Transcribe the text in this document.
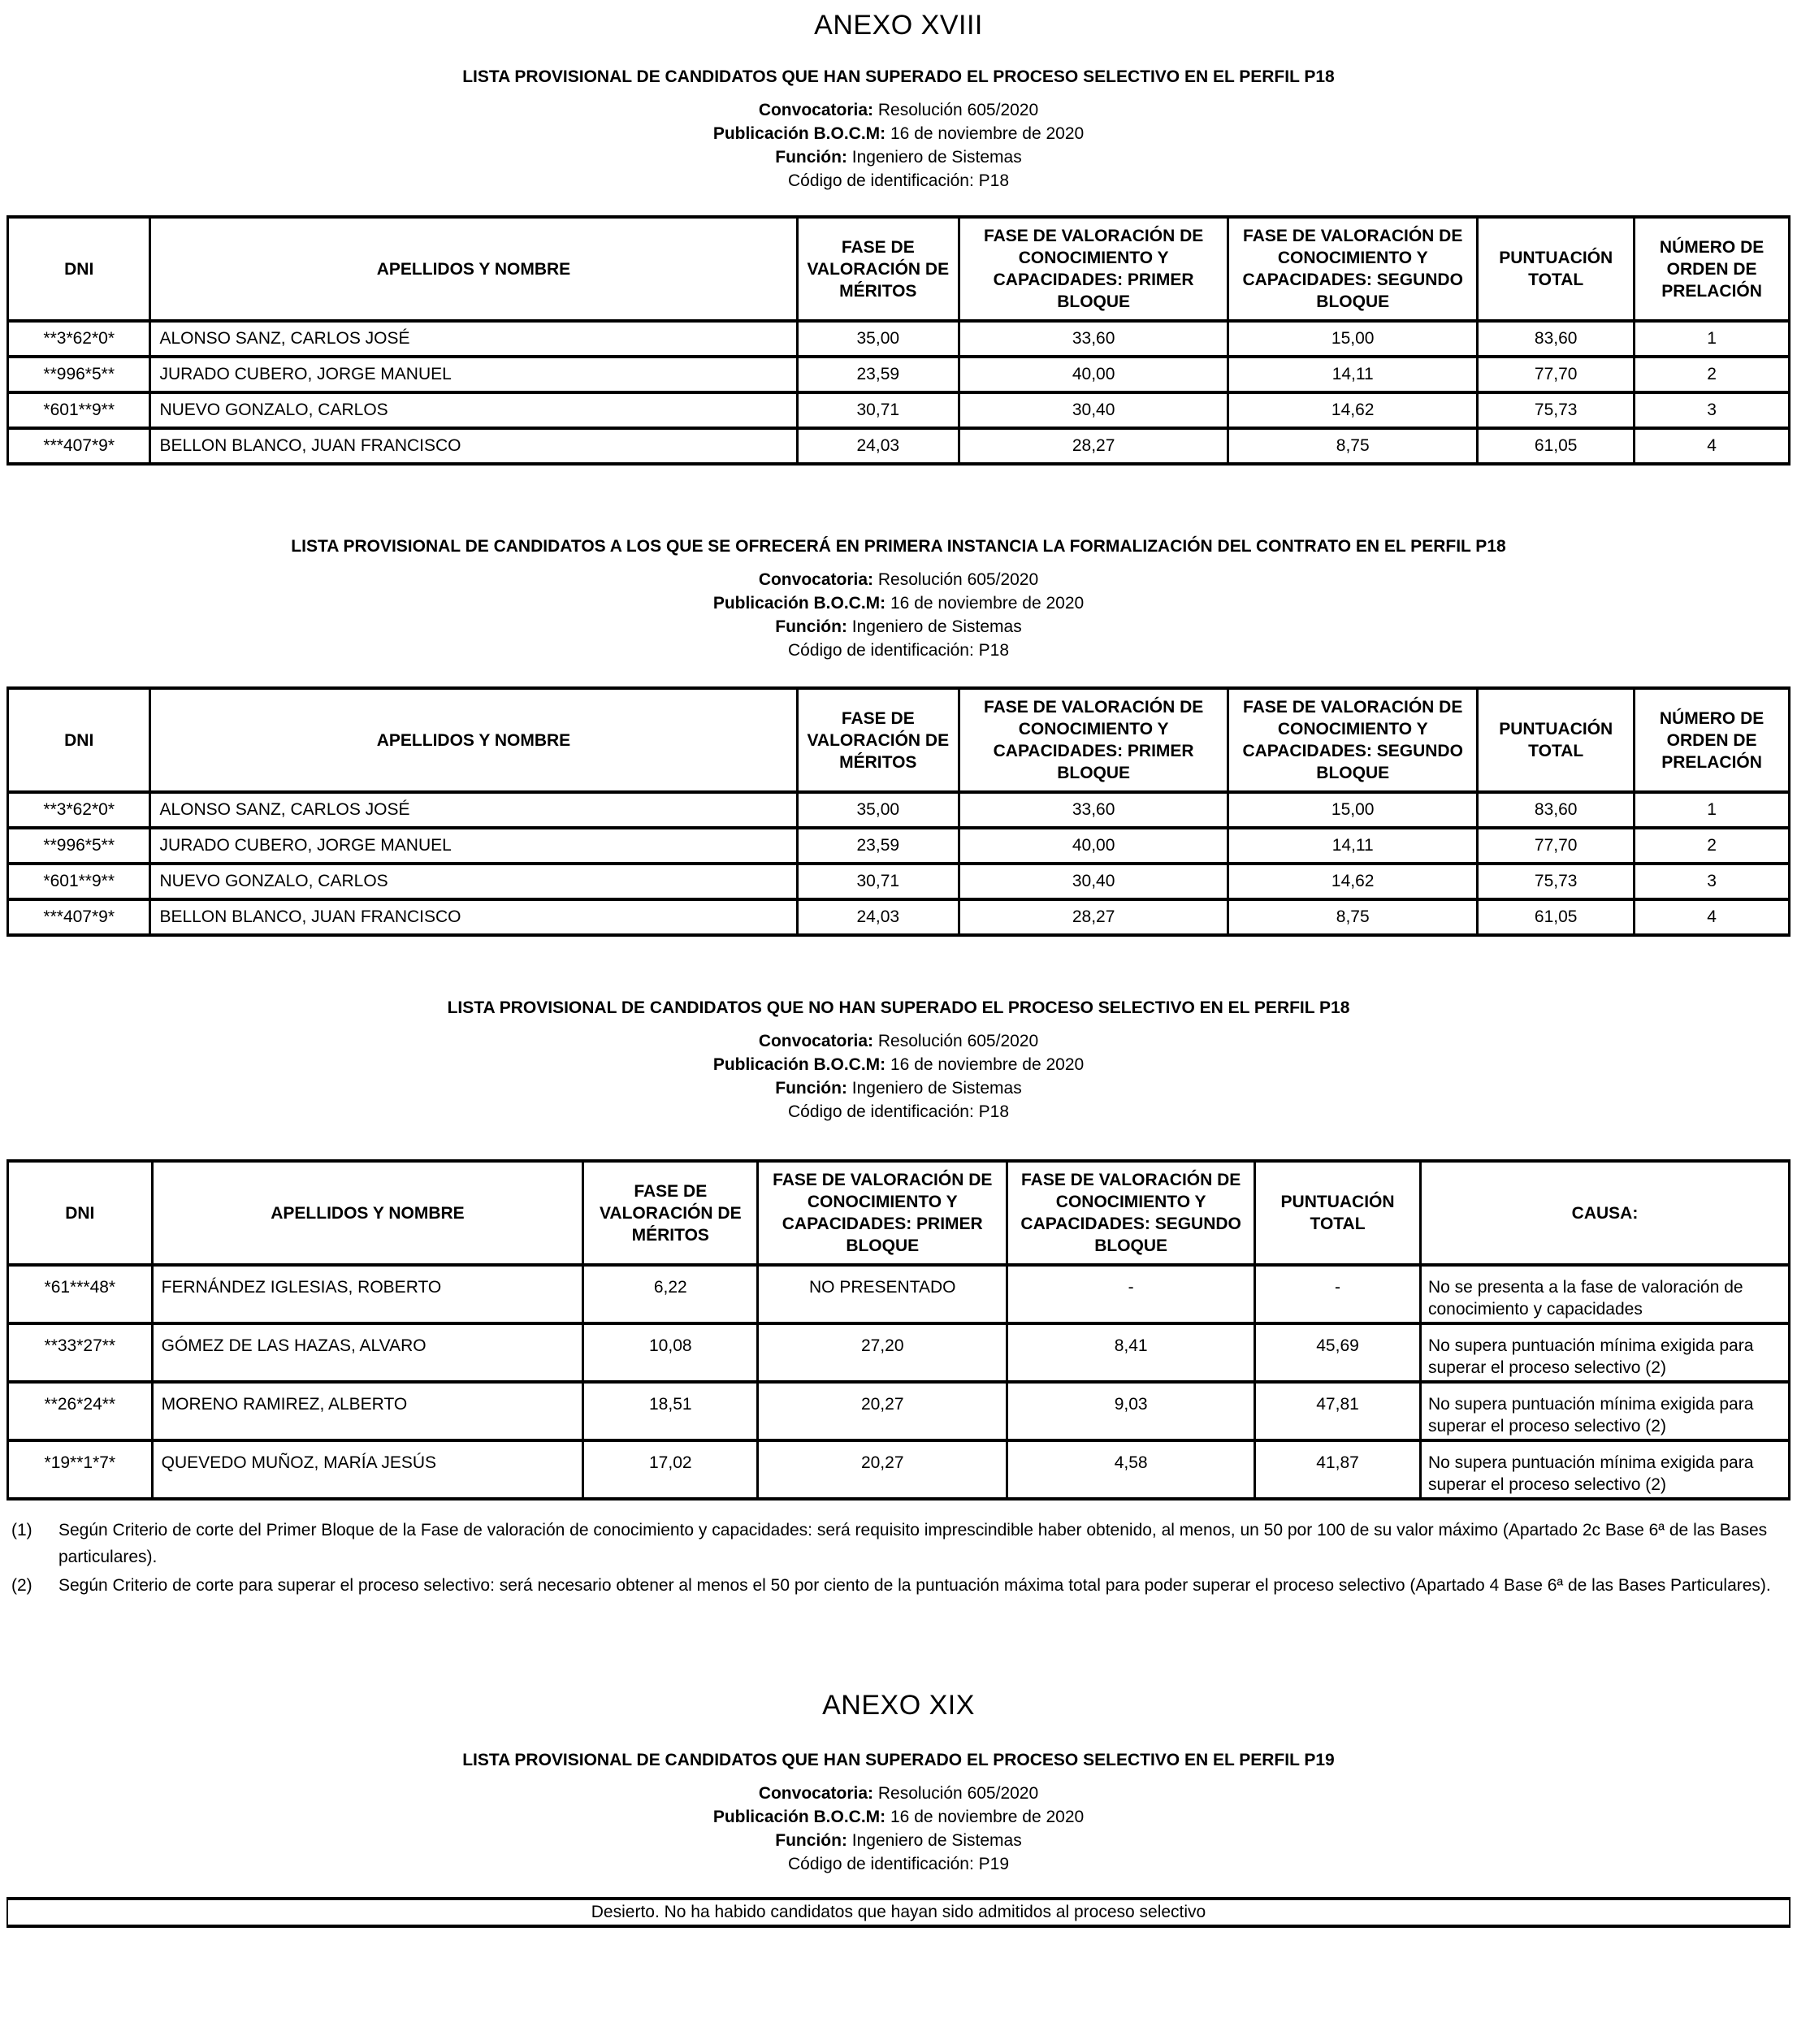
ANEXO XVIII
LISTA PROVISIONAL DE CANDIDATOS QUE HAN SUPERADO EL PROCESO SELECTIVO EN EL PERFIL P18

Convocatoria: Resolución 605/2020

Publicación B.O.C.M: 16 de noviembre de 2020

Función: Ingeniero de Sistemas

Código de identificación: P18

DNI	APELLIDOS Y NOMBRE	FASE DE VALORACIÓN DE MÉRITOS	FASE DE VALORACIÓN DE CONOCIMIENTO Y CAPACIDADES: PRIMER BLOQUE	FASE DE VALORACIÓN DE CONOCIMIENTO Y CAPACIDADES: SEGUNDO BLOQUE	PUNTUACIÓN TOTAL	NÚMERO DE ORDEN DE PRELACIÓN
**3*62*0*	ALONSO SANZ, CARLOS JOSÉ	35,00	33,60	15,00	83,60	1
**996*5**	JURADO CUBERO, JORGE MANUEL	23,59	40,00	14,11	77,70	2
*601**9**	NUEVO GONZALO, CARLOS	30,71	30,40	14,62	75,73	3
***407*9*	BELLON BLANCO, JUAN FRANCISCO	24,03	28,27	8,75	61,05	4
LISTA PROVISIONAL DE CANDIDATOS A LOS QUE SE OFRECERÁ EN PRIMERA INSTANCIA LA FORMALIZACIÓN DEL CONTRATO EN EL PERFIL P18

Convocatoria: Resolución 605/2020

Publicación B.O.C.M: 16 de noviembre de 2020

Función: Ingeniero de Sistemas

Código de identificación: P18

DNI	APELLIDOS Y NOMBRE	FASE DE VALORACIÓN DE MÉRITOS	FASE DE VALORACIÓN DE CONOCIMIENTO Y CAPACIDADES: PRIMER BLOQUE	FASE DE VALORACIÓN DE CONOCIMIENTO Y CAPACIDADES: SEGUNDO BLOQUE	PUNTUACIÓN TOTAL	NÚMERO DE ORDEN DE PRELACIÓN
**3*62*0*	ALONSO SANZ, CARLOS JOSÉ	35,00	33,60	15,00	83,60	1
**996*5**	JURADO CUBERO, JORGE MANUEL	23,59	40,00	14,11	77,70	2
*601**9**	NUEVO GONZALO, CARLOS	30,71	30,40	14,62	75,73	3
***407*9*	BELLON BLANCO, JUAN FRANCISCO	24,03	28,27	8,75	61,05	4
LISTA PROVISIONAL DE CANDIDATOS QUE NO HAN SUPERADO EL PROCESO SELECTIVO EN EL PERFIL P18

Convocatoria: Resolución 605/2020

Publicación B.O.C.M: 16 de noviembre de 2020

Función: Ingeniero de Sistemas

Código de identificación: P18

DNI	APELLIDOS Y NOMBRE	FASE DE VALORACIÓN DE MÉRITOS	FASE DE VALORACIÓN DE CONOCIMIENTO Y CAPACIDADES: PRIMER BLOQUE	FASE DE VALORACIÓN DE CONOCIMIENTO Y CAPACIDADES: SEGUNDO BLOQUE	PUNTUACIÓN TOTAL	CAUSA:
*61***48*	FERNÁNDEZ IGLESIAS, ROBERTO	6,22	NO PRESENTADO	-	-	No se presenta a la fase de valoración de conocimiento y capacidades
**33*27**	GÓMEZ DE LAS HAZAS, ALVARO	10,08	27,20	8,41	45,69	No supera puntuación mínima exigida para superar el proceso selectivo (2)
**26*24**	MORENO RAMIREZ, ALBERTO	18,51	20,27	9,03	47,81	No supera puntuación mínima exigida para superar el proceso selectivo (2)
*19**1*7*	QUEVEDO MUÑOZ, MARÍA JESÚS	17,02	20,27	4,58	41,87	No supera puntuación mínima exigida para superar el proceso selectivo (2)

(1) Según Criterio de corte del Primer Bloque de la Fase de valoración de conocimiento y capacidades: será requisito imprescindible haber obtenido, al menos, un 50 por 100 de su valor máximo (Apartado 2c Base 6ª de las Bases particulares).

(2) Según Criterio de corte para superar el proceso selectivo: será necesario obtener al menos el 50 por ciento de la puntuación máxima total para poder superar el proceso selectivo (Apartado 4 Base 6ª de las Bases Particulares).

ANEXO XIX
LISTA PROVISIONAL DE CANDIDATOS QUE HAN SUPERADO EL PROCESO SELECTIVO EN EL PERFIL P19

Convocatoria: Resolución 605/2020

Publicación B.O.C.M: 16 de noviembre de 2020

Función: Ingeniero de Sistemas

Código de identificación: P19

Desierto. No ha habido candidatos que hayan sido admitidos al proceso selectivo
